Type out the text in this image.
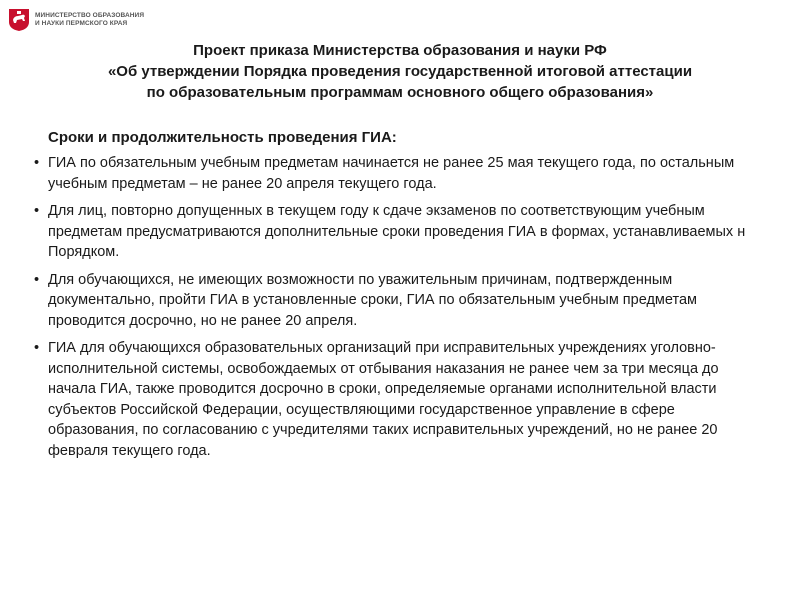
МИНИСТЕРСТВО ОБРАЗОВАНИЯ
И НАУКИ ПЕРМСКОГО КРАЯ
Проект приказа Министерства образования и науки РФ
«Об утверждении Порядка проведения государственной итоговой аттестации
по образовательным программам основного общего образования»
Сроки и продолжительность проведения ГИА:
• ГИА по обязательным учебным предметам начинается не ранее 25 мая текущего года, по остальным учебным предметам – не ранее 20 апреля текущего года.
• Для лиц, повторно допущенных в текущем году к сдаче экзаменов по соответствующим учебным предметам предусматриваются дополнительные сроки проведения ГИА в формах, устанавливаемых н Порядком.
• Для обучающихся, не имеющих возможности по уважительным причинам, подтвержденным документально, пройти ГИА в установленные сроки, ГИА по обязательным учебным предметам проводится досрочно, но не ранее 20 апреля.
• ГИА для обучающихся образовательных организаций при исправительных учреждениях уголовно-исполнительной системы, освобождаемых от отбывания наказания не ранее чем за три месяца до начала ГИА, также проводится досрочно в сроки, определяемые органами исполнительной власти субъектов Российской Федерации, осуществляющими государственное управление в сфере образования, по согласованию с учредителями таких исправительных учреждений, но не ранее 20 февраля текущего года.
